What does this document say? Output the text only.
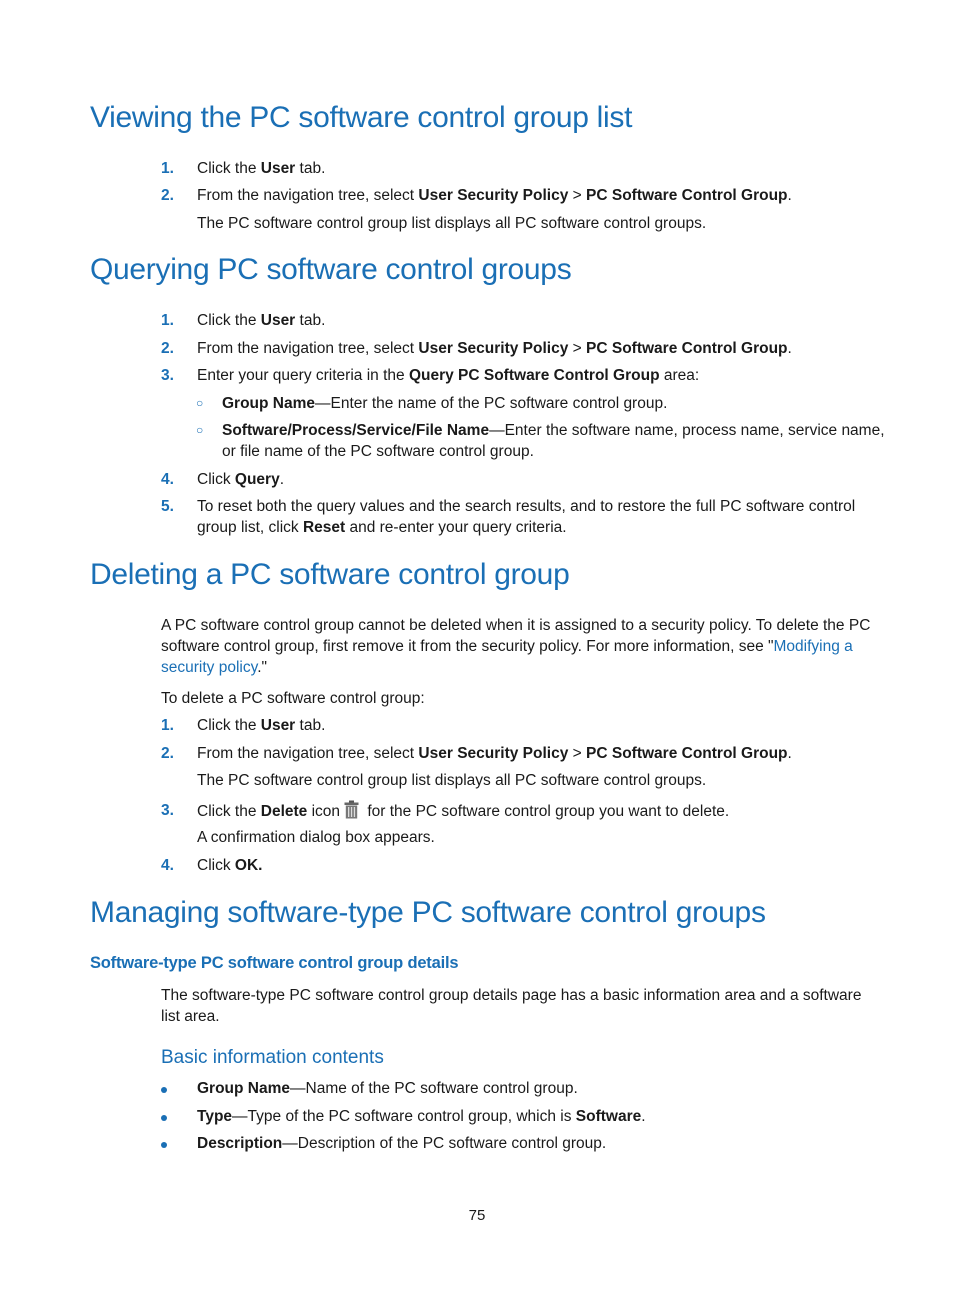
Viewing the PC software control group list
1.	Click the User tab.
2.	From the navigation tree, select User Security Policy > PC Software Control Group.
The PC software control group list displays all PC software control groups.
Querying PC software control groups
1.	Click the User tab.
2.	From the navigation tree, select User Security Policy > PC Software Control Group.
3.	Enter your query criteria in the Query PC Software Control Group area:
○ Group Name—Enter the name of the PC software control group.
○ Software/Process/Service/File Name—Enter the software name, process name, service name,
or file name of the PC software control group.
4.	Click Query.
5.	To reset both the query values and the search results, and to restore the full PC software control
group list, click Reset and re-enter your query criteria.
Deleting a PC software control group
A PC software control group cannot be deleted when it is assigned to a security policy. To delete the PC
software control group, first remove it from the security policy. For more information, see "Modifying a
security policy."
To delete a PC software control group:
1.	Click the User tab.
2.	From the navigation tree, select User Security Policy > PC Software Control Group.
The PC software control group list displays all PC software control groups.
3.	Click the Delete icon for the PC software control group you want to delete.
A confirmation dialog box appears.
4.	Click OK.
Managing software-type PC software control groups
Software-type PC software control group details
The software-type PC software control group details page has a basic information area and a software
list area.
Basic information contents
Group Name—Name of the PC software control group.
Type—Type of the PC software control group, which is Software.
Description—Description of the PC software control group.
75
